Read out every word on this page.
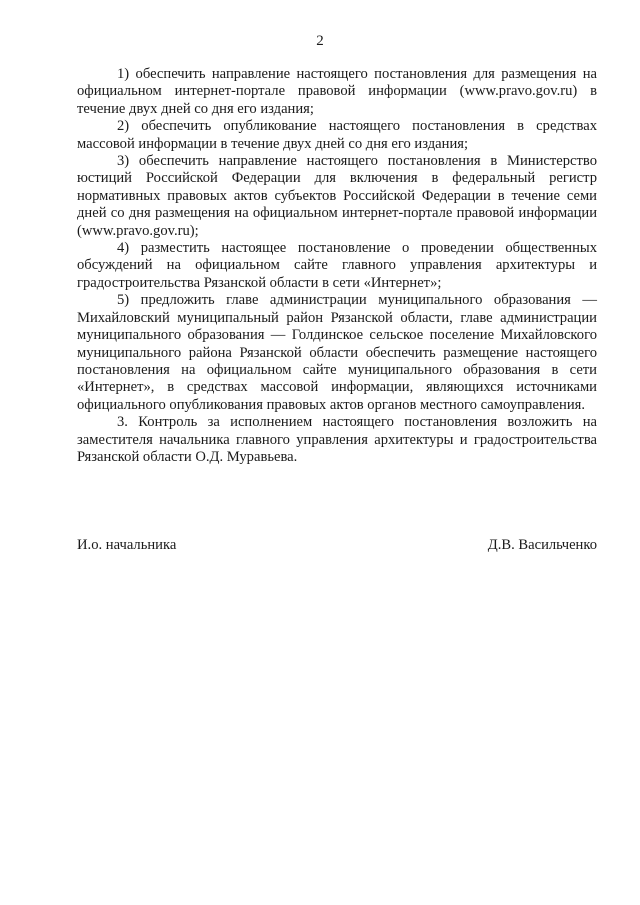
2

1) обеспечить направление настоящего постановления для размещения на официальном интернет-портале правовой информации (www.pravo.gov.ru) в течение двух дней со дня его издания;

2) обеспечить опубликование настоящего постановления в средствах массовой информации в течение двух дней со дня его издания;

3) обеспечить направление настоящего постановления в Министерство юстиций Российской Федерации для включения в федеральный регистр нормативных правовых актов субъектов Российской Федерации в течение семи дней со дня размещения на официальном интернет-портале правовой информации (www.pravo.gov.ru);

4) разместить настоящее постановление о проведении общественных обсуждений на официальном сайте главного управления архитектуры и градостроительства Рязанской области в сети «Интернет»;

5) предложить главе администрации муниципального образования — Михайловский муниципальный район Рязанской области, главе администрации муниципального образования — Голдинское сельское поселение Михайловского муниципального района Рязанской области обеспечить размещение настоящего постановления на официальном сайте муниципального образования в сети «Интернет», в средствах массовой информации, являющихся источниками официального опубликования правовых актов органов местного самоуправления.

3. Контроль за исполнением настоящего постановления возложить на заместителя начальника главного управления архитектуры и градостроительства Рязанской области О.Д. Муравьева.

И.о. начальника	Д.В. Васильченко
